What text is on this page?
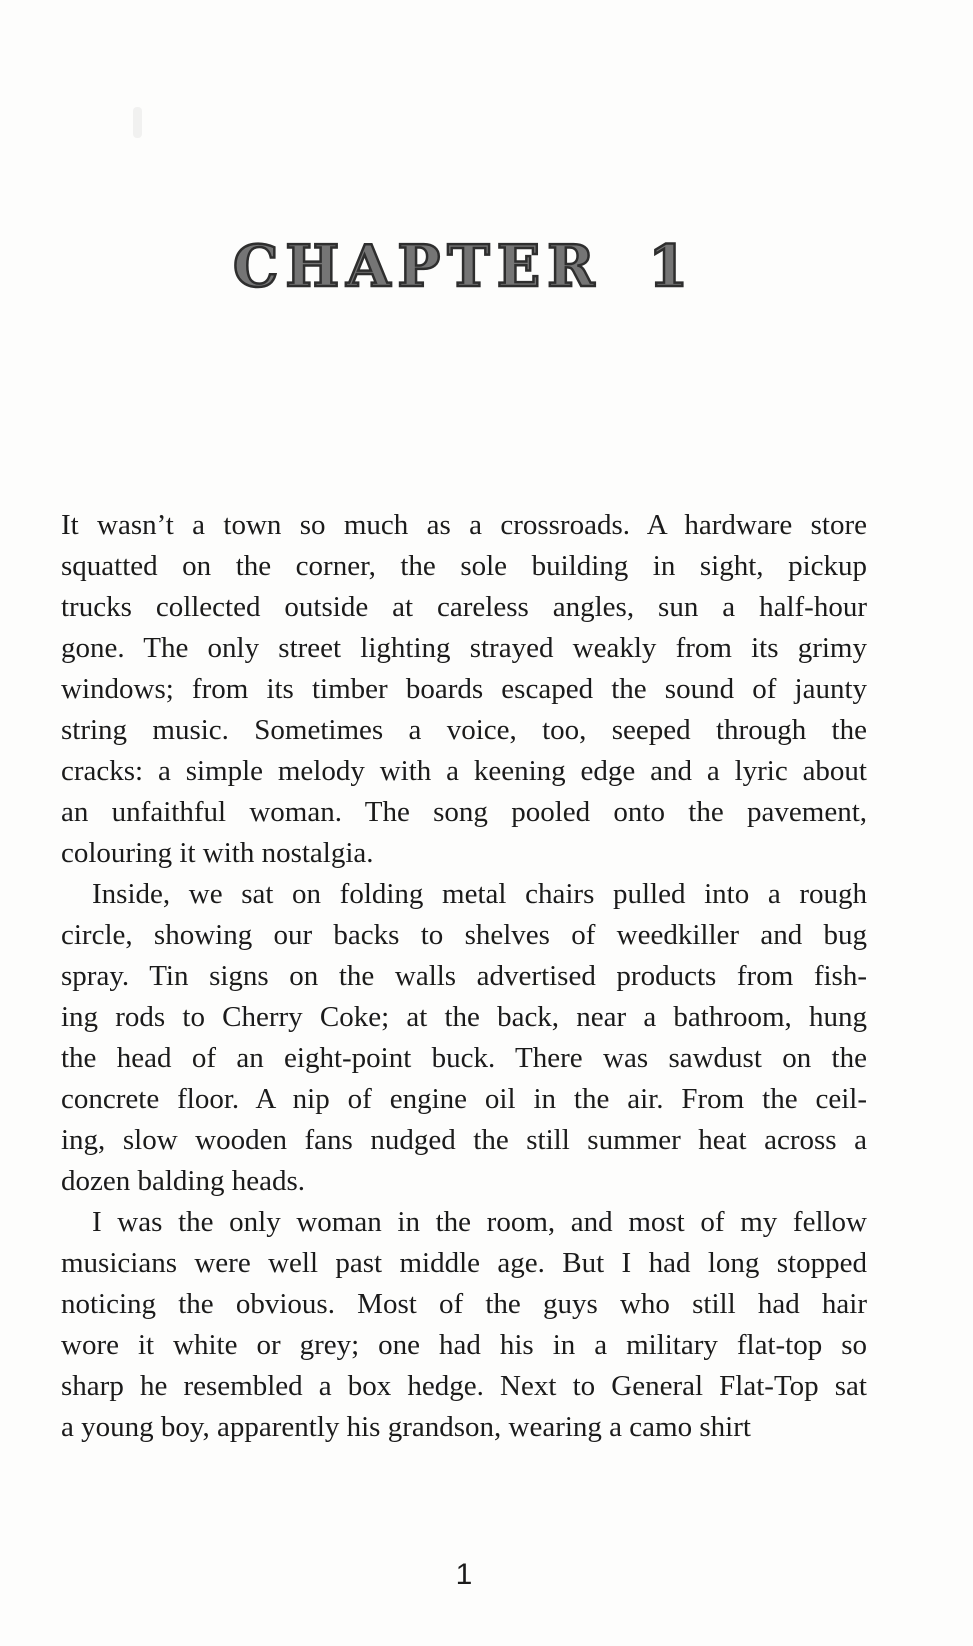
CHAPTER 1

It wasn’t a town so much as a crossroads. A hardware store
squatted on the corner, the sole building in sight, pickup
trucks collected outside at careless angles, sun a half-hour
gone. The only street lighting strayed weakly from its grimy
windows; from its timber boards escaped the sound of jaunty
string music. Sometimes a voice, too, seeped through the
cracks: a simple melody with a keening edge and a lyric about
an unfaithful woman. The song pooled onto the pavement,
colouring it with nostalgia.

Inside, we sat on folding metal chairs pulled into a rough
circle, showing our backs to shelves of weedkiller and bug
spray. Tin signs on the walls advertised products from fish-
ing rods to Cherry Coke; at the back, near a bathroom, hung
the head of an eight-point buck. There was sawdust on the
concrete floor. A nip of engine oil in the air. From the ceil-
ing, slow wooden fans nudged the still summer heat across a
dozen balding heads.

I was the only woman in the room, and most of my fellow
musicians were well past middle age. But I had long stopped
noticing the obvious. Most of the guys who still had hair
wore it white or grey; one had his in a military flat-top so
sharp he resembled a box hedge. Next to General Flat-Top sat
a young boy, apparently his grandson, wearing a camo shirt

1
